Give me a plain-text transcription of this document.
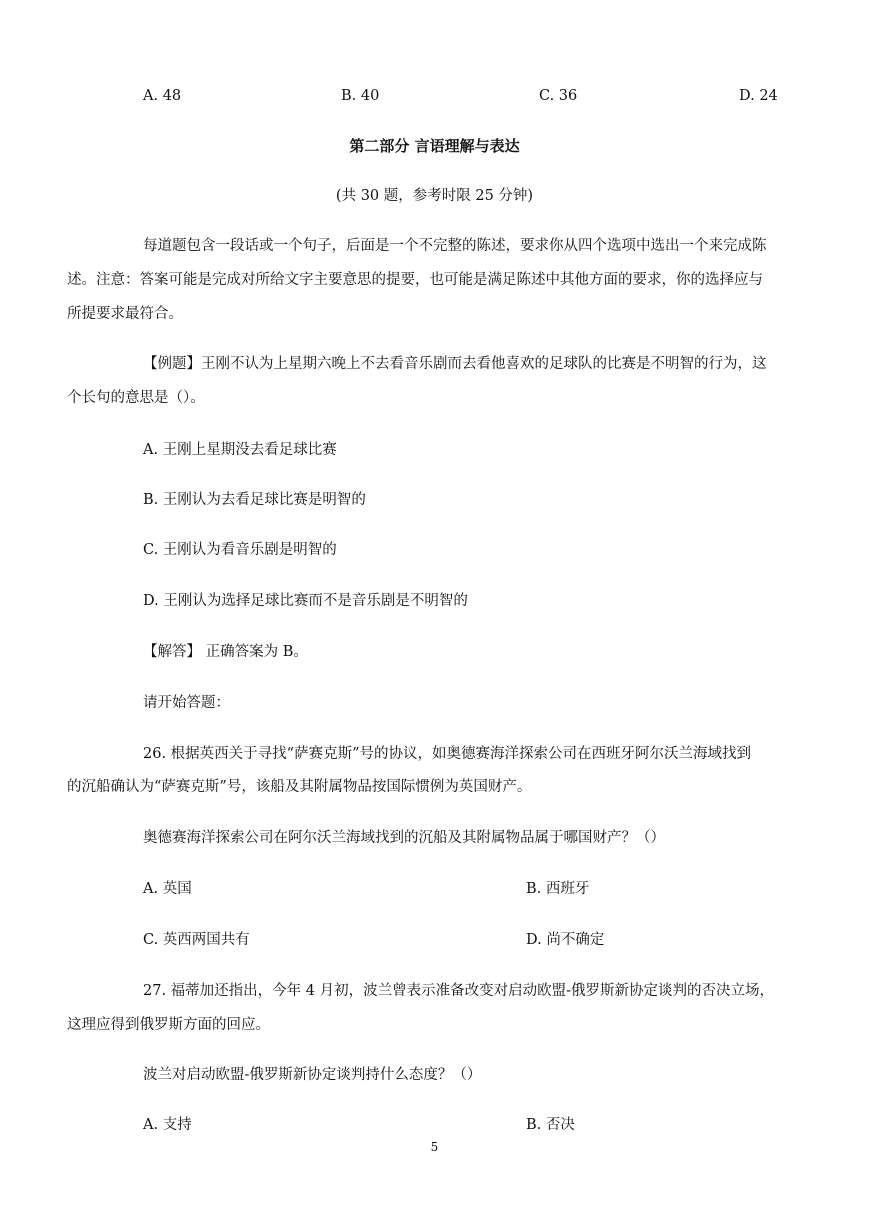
A. 48	B. 40	C. 36	D. 24
第二部分 言语理解与表达
(共 30 题，参考时限 25 分钟)
每道题包含一段话或一个句子，后面是一个不完整的陈述，要求你从四个选项中选出一个来完成陈
述。注意：答案可能是完成对所给文字主要意思的提要，也可能是满足陈述中其他方面的要求，你的选择应与
所提要求最符合。
【例题】王刚不认为上星期六晚上不去看音乐剧而去看他喜欢的足球队的比赛是不明智的行为，这
个长句的意思是（）。
A. 王刚上星期没去看足球比赛
B. 王刚认为去看足球比赛是明智的
C. 王刚认为看音乐剧是明智的
D. 王刚认为选择足球比赛而不是音乐剧是不明智的
【解答】 正确答案为 B。
请开始答题：
26. 根据英西关于寻找“萨赛克斯”号的协议，如奥德赛海洋探索公司在西班牙阿尔沃兰海域找到
的沉船确认为“萨赛克斯”号，该船及其附属物品按国际惯例为英国财产。
奥德赛海洋探索公司在阿尔沃兰海域找到的沉船及其附属物品属于哪国财产？（）
A. 英国	B. 西班牙
C. 英西两国共有	D. 尚不确定
27. 福蒂加还指出，今年 4 月初，波兰曾表示准备改变对启动欧盟-俄罗斯新协定谈判的否决立场，
这理应得到俄罗斯方面的回应。
波兰对启动欧盟-俄罗斯新协定谈判持什么态度？（）
A. 支持	B. 否决
5
